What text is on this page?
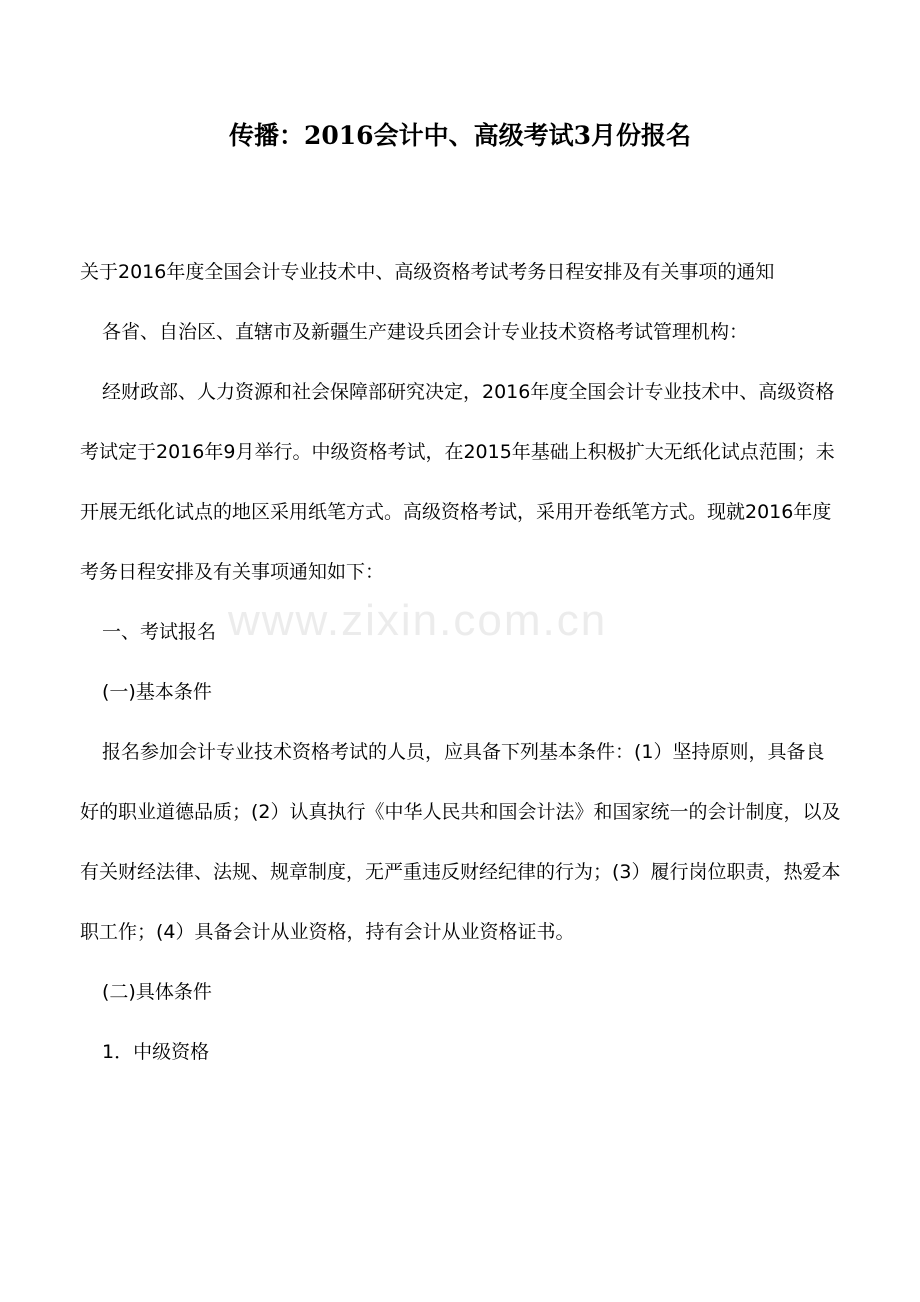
www.zixin.com.cn
传播：2016会计中、高级考试3月份报名

关于2016年度全国会计专业技术中、高级资格考试考务日程安排及有关事项的通知

各省、自治区、直辖市及新疆生产建设兵团会计专业技术资格考试管理机构：

经财政部、人力资源和社会保障部研究决定，2016年度全国会计专业技术中、高级资格考试定于2016年9月举行。中级资格考试，在2015年基础上积极扩大无纸化试点范围；未开展无纸化试点的地区采用纸笔方式。高级资格考试，采用开卷纸笔方式。现就2016年度考务日程安排及有关事项通知如下：

一、考试报名

(一)基本条件

报名参加会计专业技术资格考试的人员，应具备下列基本条件：(1）坚持原则，具备良好的职业道德品质；(2）认真执行《中华人民共和国会计法》和国家统一的会计制度，以及有关财经法律、法规、规章制度，无严重违反财经纪律的行为；(3）履行岗位职责，热爱本职工作；(4）具备会计从业资格，持有会计从业资格证书。

(二)具体条件

1．中级资格
